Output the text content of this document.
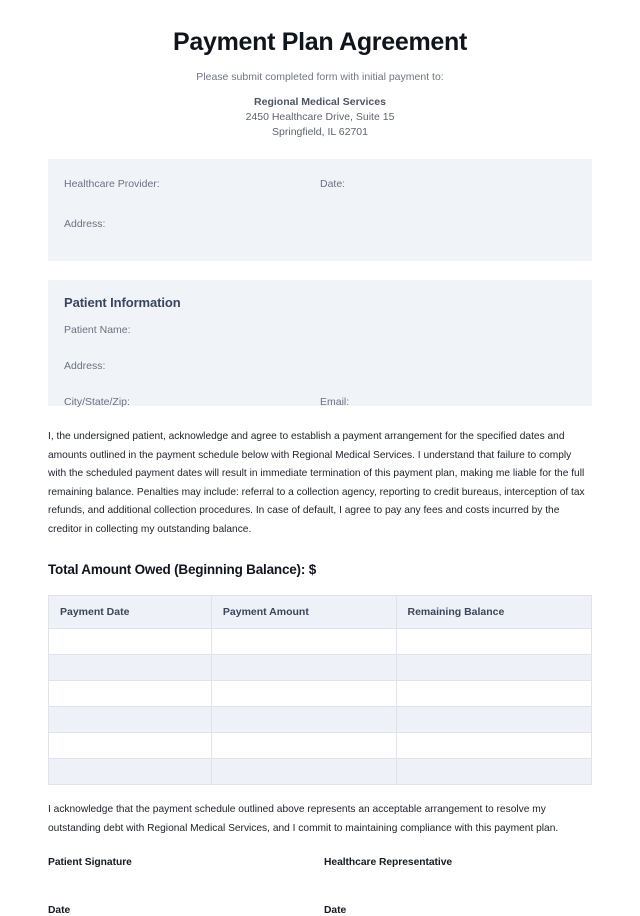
Payment Plan Agreement

Please submit completed form with initial payment to:

Regional Medical Services
2450 Healthcare Drive, Suite 15
Springfield, IL 62701
Healthcare Provider:	Date:
Address:
Patient Information
Patient Name:
Address:
City/State/Zip:	Email:

I, the undersigned patient, acknowledge and agree to establish a payment arrangement for the specified dates and amounts outlined in the payment schedule below with Regional Medical Services. I understand that failure to comply with the scheduled payment dates will result in immediate termination of this payment plan, making me liable for the full remaining balance. Penalties may include: referral to a collection agency, reporting to credit bureaus, interception of tax refunds, and additional collection procedures. In case of default, I agree to pay any fees and costs incurred by the creditor in collecting my outstanding balance.

Total Amount Owed (Beginning Balance): $

Payment Date	Payment Amount	Remaining Balance

I acknowledge that the payment schedule outlined above represents an acceptable arrangement to resolve my outstanding debt with Regional Medical Services, and I commit to maintaining compliance with this payment plan.

Patient Signature	Healthcare Representative
Date	Date
